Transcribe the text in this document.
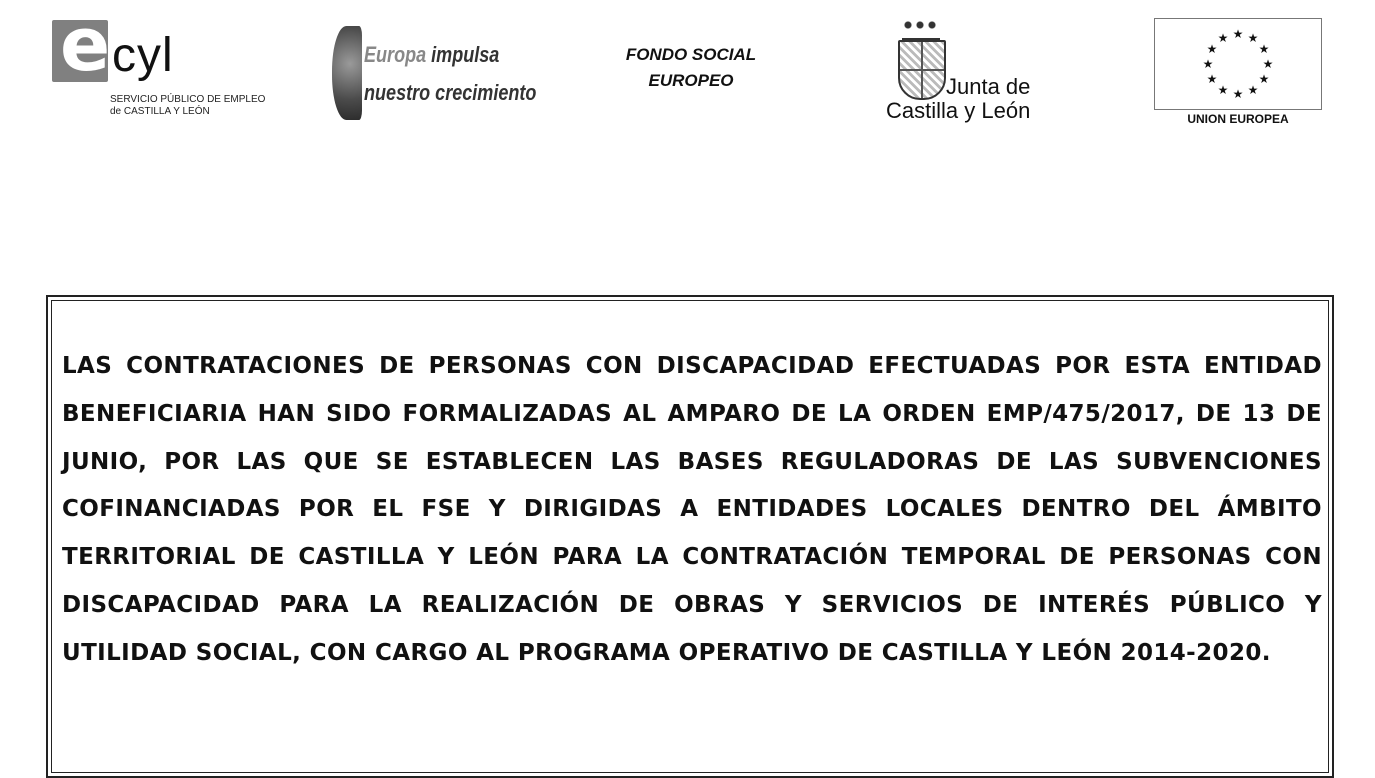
e cyl
SERVICIO PÚBLICO DE EMPLEO
de CASTILLA Y LEÓN
Europa impulsa
nuestro crecimiento
FONDO SOCIAL
EUROPEO	Junta de
Castilla y León
★ ★
★
★
★
★
★
★
★
★
★
★
UNION EUROPEA

LAS CONTRATACIONES DE PERSONAS CON DISCAPACIDAD EFECTUADAS POR ESTA ENTIDAD BENEFICIARIA HAN SIDO FORMALIZADAS AL AMPARO DE LA ORDEN EMP/475/2017, DE 13 DE JUNIO, POR LAS QUE SE ESTABLECEN LAS BASES REGULADORAS DE LAS SUBVENCIONES COFINANCIADAS POR EL FSE Y DIRIGIDAS A ENTIDADES LOCALES DENTRO DEL ÁMBITO TERRITORIAL DE CASTILLA Y LEÓN PARA LA CONTRATACIÓN TEMPORAL DE PERSONAS CON DISCAPACIDAD PARA LA REALIZACIÓN DE OBRAS Y SERVICIOS DE INTERÉS PÚBLICO Y UTILIDAD SOCIAL, CON CARGO AL PROGRAMA OPERATIVO DE CASTILLA Y LEÓN 2014-2020.
